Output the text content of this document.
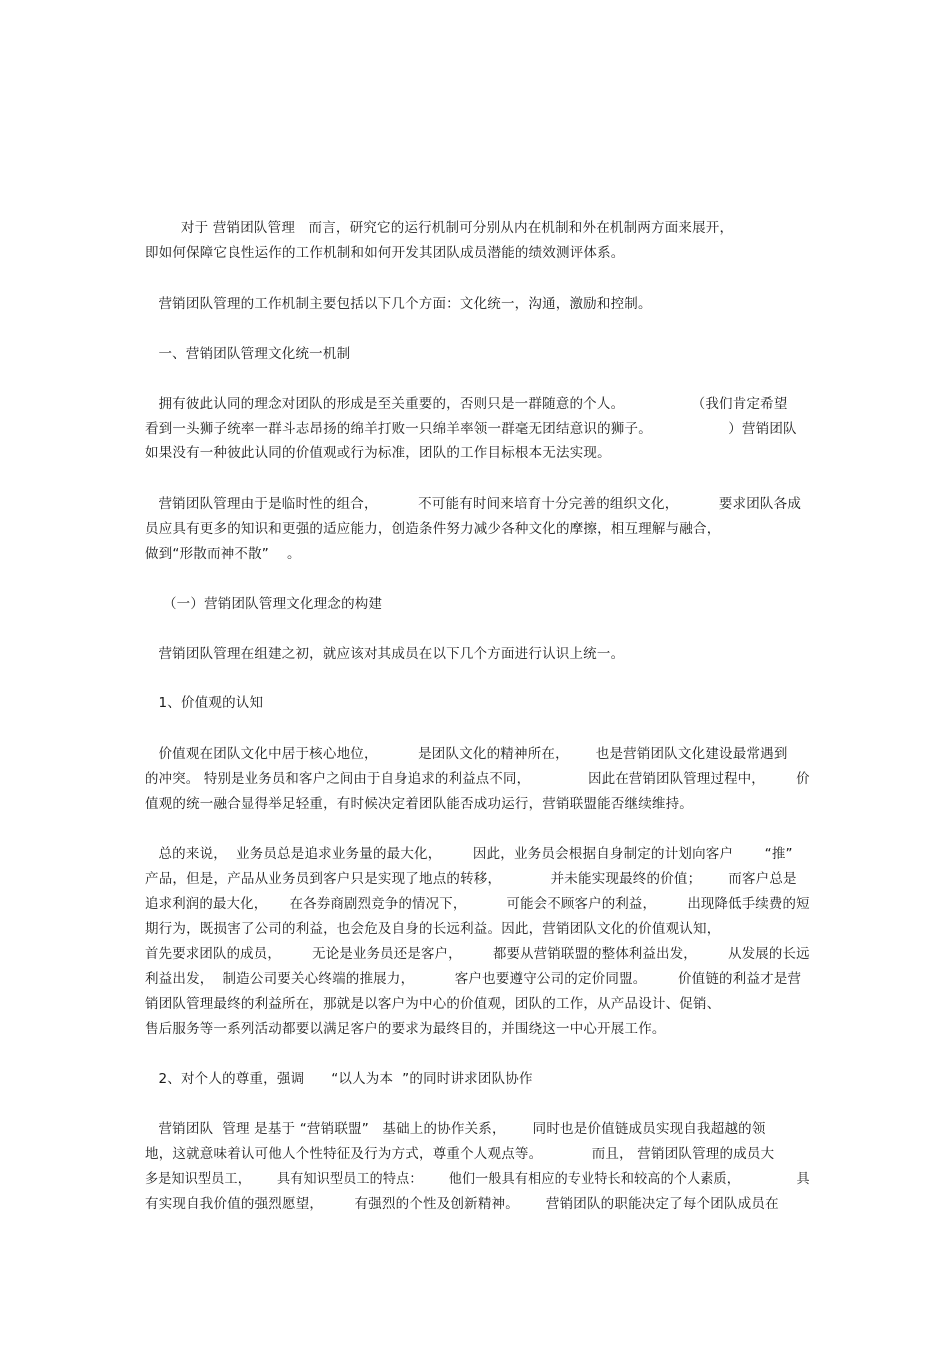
对于 营销团队管理   而言，研究它的运行机制可分别从内在机制和外在机制两方面来展开，
即如何保障它良性运作的工作机制和如何开发其团队成员潜能的绩效测评体系。
营销团队管理的工作机制主要包括以下几个方面：文化统一，沟通，激励和控制。
一、营销团队管理文化统一机制
拥有彼此认同的理念对团队的形成是至关重要的，否则只是一群随意的个人。               （我们肯定希望
看到一头狮子统率一群斗志昂扬的绵羊打败一只绵羊率领一群毫无团结意识的狮子。                 ）营销团队
如果没有一种彼此认同的价值观或行为标准，团队的工作目标根本无法实现。
营销团队管理由于是临时性的组合，         不可能有时间来培育十分完善的组织文化，         要求团队各成
员应具有更多的知识和更强的适应能力，创造条件努力减少各种文化的摩擦，相互理解与融合，
做到“形散而神不散”    。
（一）营销团队管理文化理念的构建
营销团队管理在组建之初，就应该对其成员在以下几个方面进行认识上统一。
1、价值观的认知
价值观在团队文化中居于核心地位，         是团队文化的精神所在，      也是营销团队文化建设最常遇到
的冲突。 特别是业务员和客户之间由于自身追求的利益点不同，             因此在营销团队管理过程中，       价
值观的统一融合显得举足轻重，有时候决定着团队能否成功运行，营销联盟能否继续维持。
总的来说，  业务员总是追求业务量的最大化，       因此，业务员会根据自身制定的计划向客户       “推”
产品，但是，产品从业务员到客户只是实现了地点的转移，           并未能实现最终的价值；      而客户总是
追求利润的最大化，     在各券商剧烈竞争的情况下，         可能会不顾客户的利益，       出现降低手续费的短
期行为，既损害了公司的利益，也会危及自身的长远利益。因此，营销团队文化的价值观认知，
首先要求团队的成员，       无论是业务员还是客户，       都要从营销联盟的整体利益出发，       从发展的长远
利益出发，  制造公司要关心终端的推展力，         客户也要遵守公司的定价同盟。       价值链的利益才是营
销团队管理最终的利益所在，那就是以客户为中心的价值观，团队的工作，从产品设计、促销、
售后服务等一系列活动都要以满足客户的要求为最终目的，并围绕这一中心开展工作。
2、对个人的尊重，强调      “以人为本  ”的同时讲求团队协作
营销团队  管理 是基于 “营销联盟”   基础上的协作关系，      同时也是价值链成员实现自我超越的领
地，这就意味着认可他人个性特征及行为方式，尊重个人观点等。           而且， 营销团队管理的成员大
多是知识型员工，      具有知识型员工的特点：      他们一般具有相应的专业特长和较高的个人素质，             具
有实现自我价值的强烈愿望，       有强烈的个性及创新精神。      营销团队的职能决定了每个团队成员在
